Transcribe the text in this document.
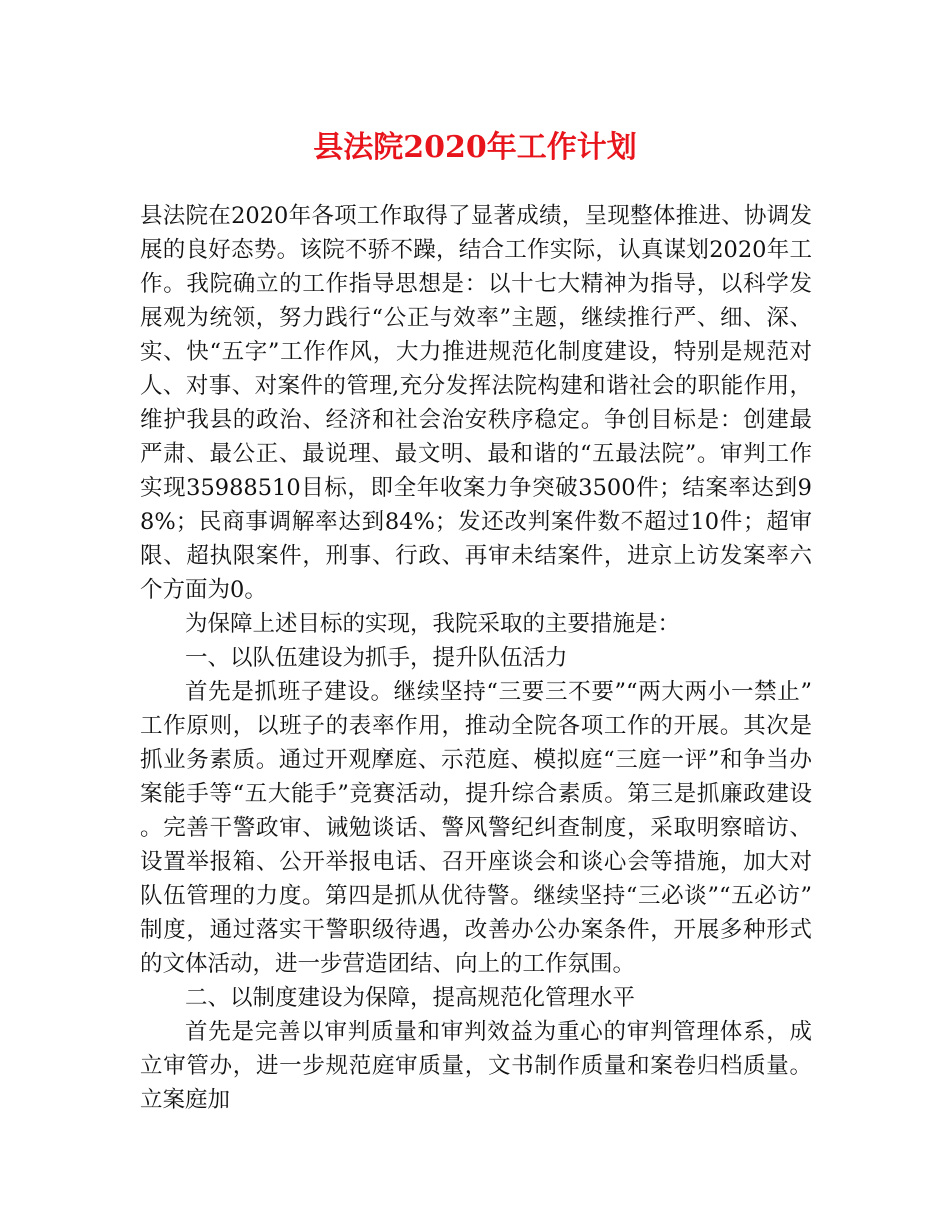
县法院2020年工作计划

县法院在2020年各项工作取得了显著成绩，呈现整体推进、协调发展的良好态势。该院不骄不躁，结合工作实际，认真谋划2020年工作。我院确立的工作指导思想是：以十七大精神为指导，以科学发展观为统领，努力践行“公正与效率”主题，继续推行严、细、深、实、快“五字”工作作风，大力推进规范化制度建设，特别是规范对人、对事、对案件的管理,充分发挥法院构建和谐社会的职能作用，维护我县的政治、经济和社会治安秩序稳定。争创目标是：创建最严肃、最公正、最说理、最文明、最和谐的“五最法院”。审判工作实现35988510目标，即全年收案力争突破3500件；结案率达到98%；民商事调解率达到84%；发还改判案件数不超过10件；超审限、超执限案件，刑事、行政、再审未结案件，进京上访发案率六个方面为0。

为保障上述目标的实现，我院采取的主要措施是：

一、以队伍建设为抓手，提升队伍活力

首先是抓班子建设。继续坚持“三要三不要”“两大两小一禁止”工作原则，以班子的表率作用，推动全院各项工作的开展。其次是抓业务素质。通过开观摩庭、示范庭、模拟庭“三庭一评”和争当办案能手等“五大能手”竞赛活动，提升综合素质。第三是抓廉政建设。完善干警政审、诫勉谈话、警风警纪纠查制度，采取明察暗访、设置举报箱、公开举报电话、召开座谈会和谈心会等措施，加大对队伍管理的力度。第四是抓从优待警。继续坚持“三必谈”“五必访”制度，通过落实干警职级待遇，改善办公办案条件，开展多种形式的文体活动，进一步营造团结、向上的工作氛围。

二、以制度建设为保障，提高规范化管理水平

首先是完善以审判质量和审判效益为重心的审判管理体系，成立审管办，进一步规范庭审质量，文书制作质量和案卷归档质量。立案庭加
